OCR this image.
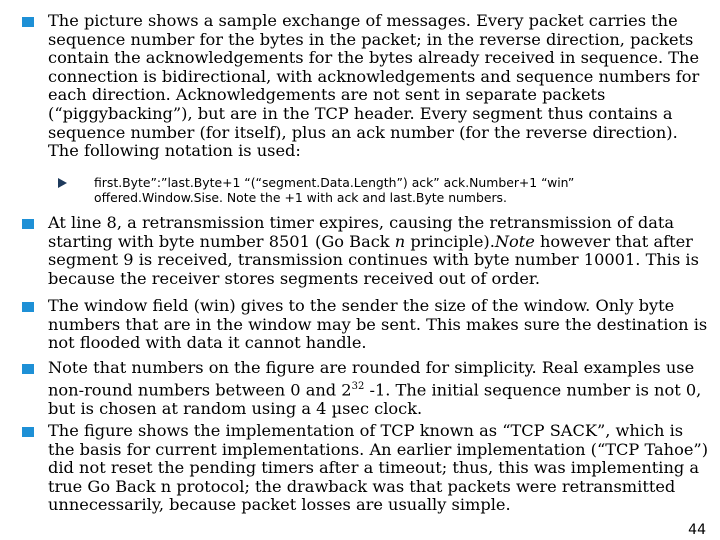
The picture shows a sample exchange of messages. Every packet carries the sequence number for the bytes in the packet; in the reverse direction, packets contain the acknowledgements for the bytes already received in sequence. The connection is bidirectional, with acknowledgements and sequence numbers for each direction. Acknowledgements are not sent in separate packets (“piggybacking”), but are in the TCP header. Every segment thus contains a sequence number (for itself), plus an ack number (for the reverse direction). The following notation is used:
first.Byte”:”last.Byte+1 “(“segment.Data.Length”) ack” ack.Number+1 “win”
offered.Window.Sise. Note the +1 with ack and last.Byte numbers.
At line 8, a retransmission timer expires, causing the retransmission of data starting with byte number 8501 (Go Back n principle).Note however that after segment 9 is received, transmission continues with byte number 10001. This is because the receiver stores segments received out of order.
The window field (win) gives to the sender the size of the window. Only byte numbers that are in the window may be sent. This makes sure the destination is not flooded with data it cannot handle.
Note that numbers on the figure are rounded for simplicity. Real examples use non-round numbers between 0 and $2^{32}$ -1. The initial sequence number is not 0, but is chosen at random using a 4 µsec clock.
The figure shows the implementation of TCP known as “TCP SACK”, which is the basis for current implementations. An earlier implementation (“TCP Tahoe”) did not reset the pending timers after a timeout; thus, this was implementing a true Go Back n protocol; the drawback was that packets were retransmitted unnecessarily, because packet losses are usually simple.
44
